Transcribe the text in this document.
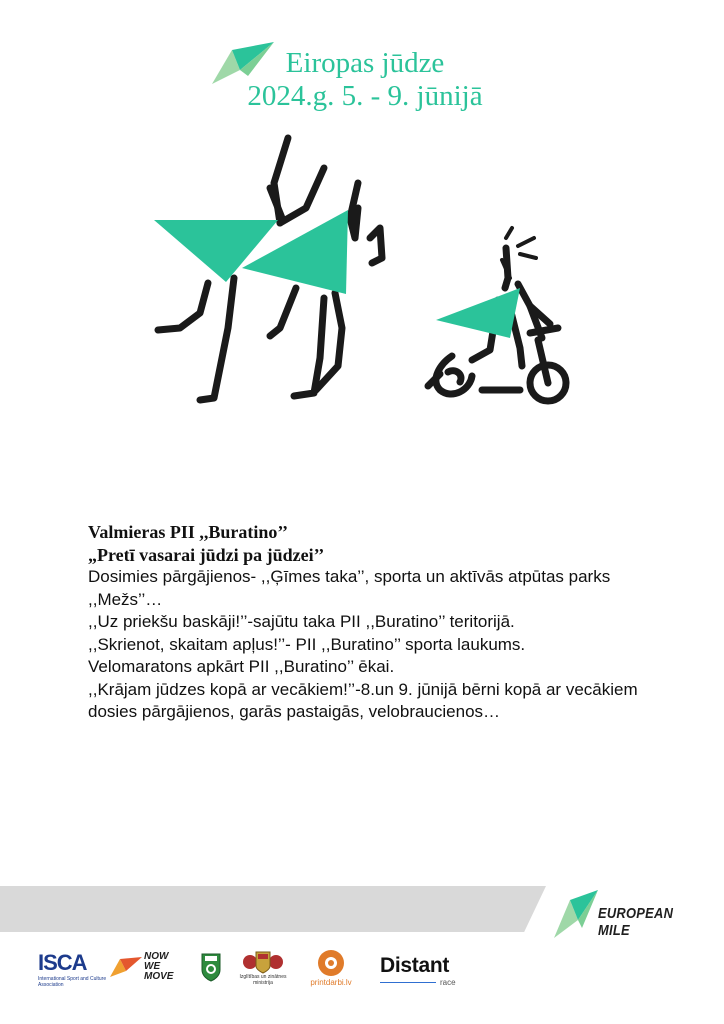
Eiropas jūdze
2024.g. 5. - 9. jūnijā

Valmieras PII ,,Buratino’’

„Pretī vasarai jūdzi pa jūdzei’’

Dosimies pārgājienos- ,,Ģīmes taka’’, sporta un aktīvās atpūtas parks ,,Mežs’’…

,,Uz priekšu baskāji!’’-sajūtu taka PII ,,Buratino’’ teritorijā.

,,Skrienot, skaitam apļus!’’- PII ,,Buratino’’ sporta laukums.

Velomaratons apkārt PII ,,Buratino’’ ēkai.

,,Krājam jūdzes kopā ar vecākiem!’’-8.un 9. jūnijā bērni kopā ar vecākiem dosies pārgājienos, garās pastaigās, velobraucienos…

EUROPEAN MILE
ISCA
International Sport and Culture Association
NOW WE MOVE	Izglītības un zinātnes ministrija	printdarbi.lv
Distant
race
